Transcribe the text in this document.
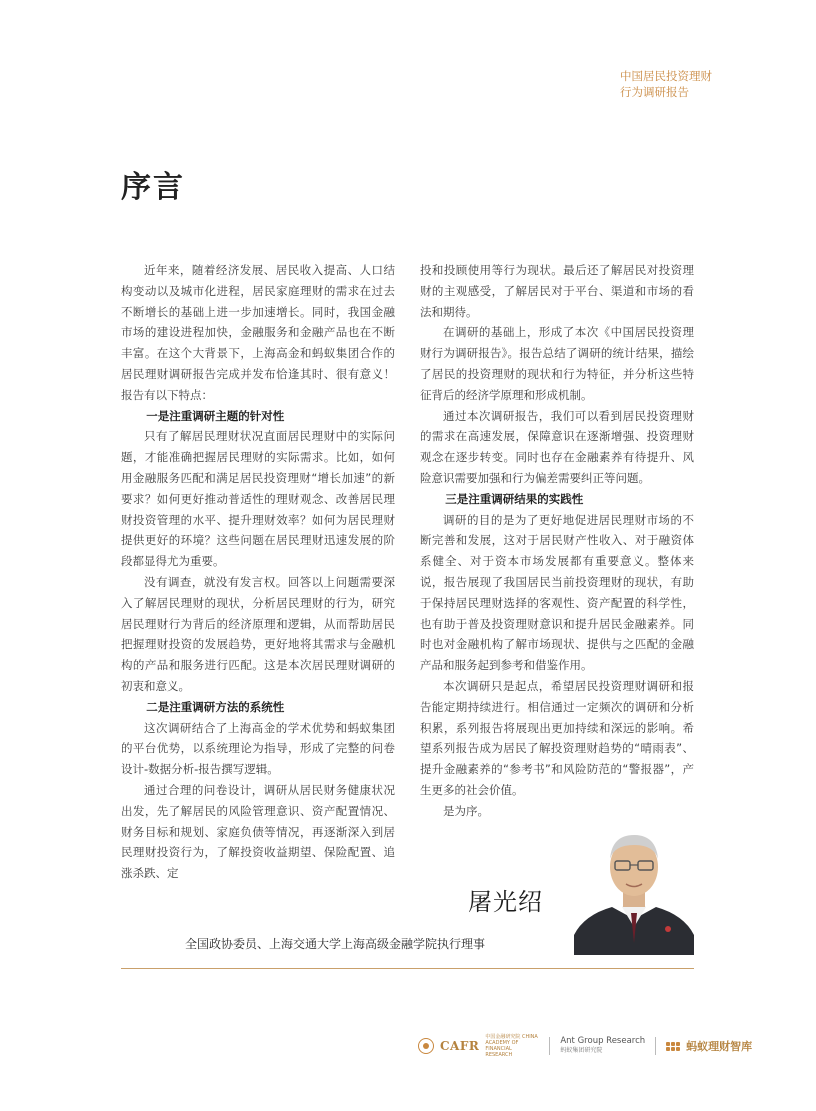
中国居民投资理财
行为调研报告
序言

近年来，随着经济发展、居民收入提高、人口结构变动以及城市化进程，居民家庭理财的需求在过去不断增长的基础上进一步加速增长。同时，我国金融市场的建设进程加快，金融服务和金融产品也在不断丰富。在这个大背景下，上海高金和蚂蚁集团合作的居民理财调研报告完成并发布恰逢其时、很有意义！报告有以下特点：

一是注重调研主题的针对性

只有了解居民理财状况直面居民理财中的实际问题，才能准确把握居民理财的实际需求。比如，如何用金融服务匹配和满足居民投资理财“增长加速”的新要求？如何更好推动普适性的理财观念、改善居民理财投资管理的水平、提升理财效率？如何为居民理财提供更好的环境？这些问题在居民理财迅速发展的阶段都显得尤为重要。

没有调查，就没有发言权。回答以上问题需要深入了解居民理财的现状，分析居民理财的行为，研究居民理财行为背后的经济原理和逻辑，从而帮助居民把握理财投资的发展趋势，更好地将其需求与金融机构的产品和服务进行匹配。这是本次居民理财调研的初衷和意义。

二是注重调研方法的系统性

这次调研结合了上海高金的学术优势和蚂蚁集团的平台优势，以系统理论为指导，形成了完整的问卷设计-数据分析-报告撰写逻辑。

通过合理的问卷设计，调研从居民财务健康状况出发，先了解居民的风险管理意识、资产配置情况、财务目标和规划、家庭负债等情况，再逐渐深入到居民理财投资行为，了解投资收益期望、保险配置、追涨杀跌、定

投和投顾使用等行为现状。最后还了解居民对投资理财的主观感受，了解居民对于平台、渠道和市场的看法和期待。

在调研的基础上，形成了本次《中国居民投资理财行为调研报告》。报告总结了调研的统计结果，描绘了居民的投资理财的现状和行为特征，并分析这些特征背后的经济学原理和形成机制。

通过本次调研报告，我们可以看到居民投资理财的需求在高速发展，保障意识在逐渐增强、投资理财观念在逐步转变。同时也存在金融素养有待提升、风险意识需要加强和行为偏差需要纠正等问题。

三是注重调研结果的实践性

调研的目的是为了更好地促进居民理财市场的不断完善和发展，这对于居民财产性收入、对于融资体系健全、对于资本市场发展都有重要意义。整体来说，报告展现了我国居民当前投资理财的现状，有助于保持居民理财选择的客观性、资产配置的科学性，也有助于普及投资理财意识和提升居民金融素养。同时也对金融机构了解市场现状、提供与之匹配的金融产品和服务起到参考和借鉴作用。

本次调研只是起点，希望居民投资理财调研和报告能定期持续进行。相信通过一定频次的调研和分析积累，系列报告将展现出更加持续和深远的影响。希望系列报告成为居民了解投资理财趋势的“晴雨表”、提升金融素养的“参考书”和风险防范的“警报器”，产生更多的社会价值。

是为序。

屠光绍
全国政协委员、上海交通大学上海高级金融学院执行理事
CAFR
中国金融研究院 CHINA ACADEMY OF FINANCIAL RESEARCH
Ant Group Research
蚂蚁集团研究院	蚂蚁理财智库
